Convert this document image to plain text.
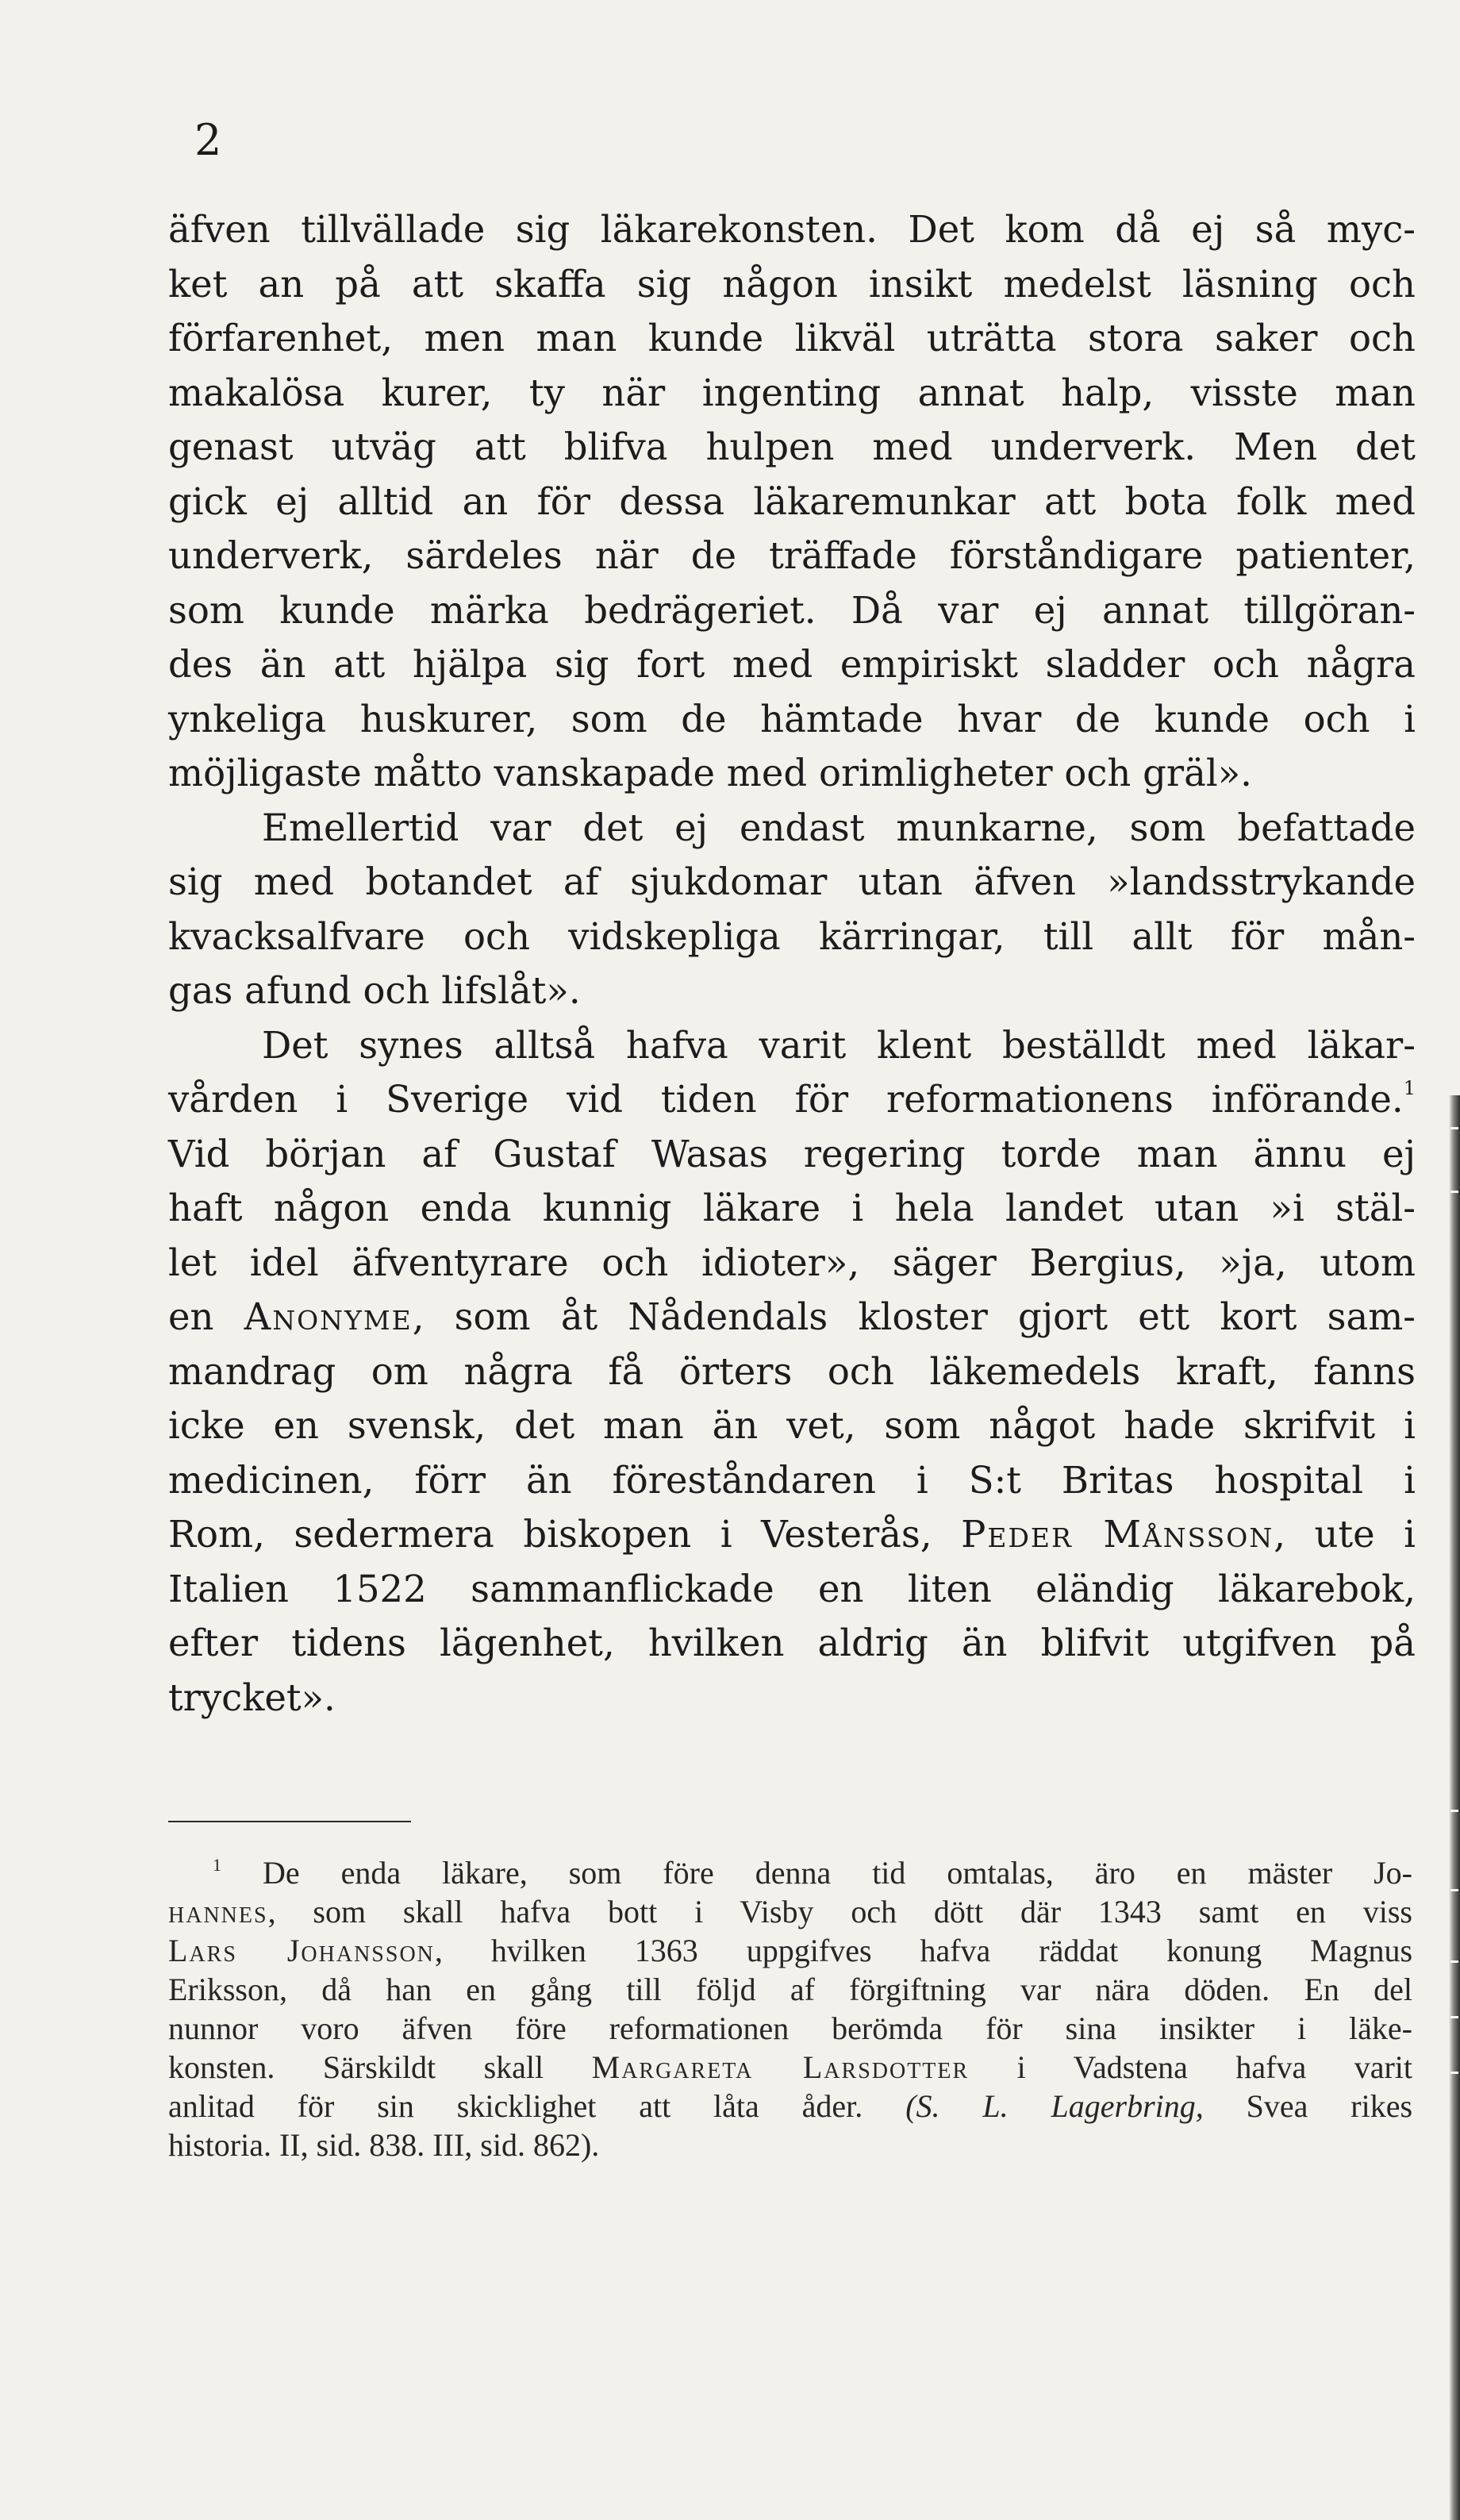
2
äfven tillvällade sig läkarekonsten. Det kom då ej så myc-
ket an på att skaffa sig någon insikt medelst läsning och
förfarenhet, men man kunde likväl uträtta stora saker och
makalösa kurer, ty när ingenting annat halp, visste man
genast utväg att blifva hulpen med underverk. Men det
gick ej alltid an för dessa läkaremunkar att bota folk med
underverk, särdeles när de träffade förståndigare patienter,
som kunde märka bedrägeriet. Då var ej annat tillgöran-
des än att hjälpa sig fort med empiriskt sladder och några
ynkeliga huskurer, som de hämtade hvar de kunde och i
möjligaste måtto vanskapade med orimligheter och gräl».
Emellertid var det ej endast munkarne, som befattade
sig med botandet af sjukdomar utan äfven »landsstrykande
kvacksalfvare och vidskepliga kärringar, till allt för mån-
gas afund och lifslåt».
Det synes alltså hafva varit klent beställdt med läkar-
vården i Sverige vid tiden för reformationens införande.$^1$
Vid början af Gustaf Wasas regering torde man ännu ej
haft någon enda kunnig läkare i hela landet utan »i stäl-
let idel äfventyrare och idioter», säger Bergius, »ja, utom
en Anonyme, som åt Nådendals kloster gjort ett kort sam-
mandrag om några få örters och läkemedels kraft, fanns
icke en svensk, det man än vet, som något hade skrifvit i
medicinen, förr än föreståndaren i S:t Britas hospital i
Rom, sedermera biskopen i Vesterås, Peder Månsson, ute i
Italien 1522 sammanflickade en liten eländig läkarebok,
efter tidens lägenhet, hvilken aldrig än blifvit utgifven på
trycket».
$^1$ De enda läkare, som före denna tid omtalas, äro en mäster Jo-
hannes, som skall hafva bott i Visby och dött där 1343 samt en viss
Lars Johansson, hvilken 1363 uppgifves hafva räddat konung Magnus
Eriksson, då han en gång till följd af förgiftning var nära döden. En del
nunnor voro äfven före reformationen berömda för sina insikter i läke-
konsten. Särskildt skall Margareta Larsdotter i Vadstena hafva varit
anlitad för sin skicklighet att låta åder. (S. L. Lagerbring, Svea rikes
historia. II, sid. 838. III, sid. 862).
